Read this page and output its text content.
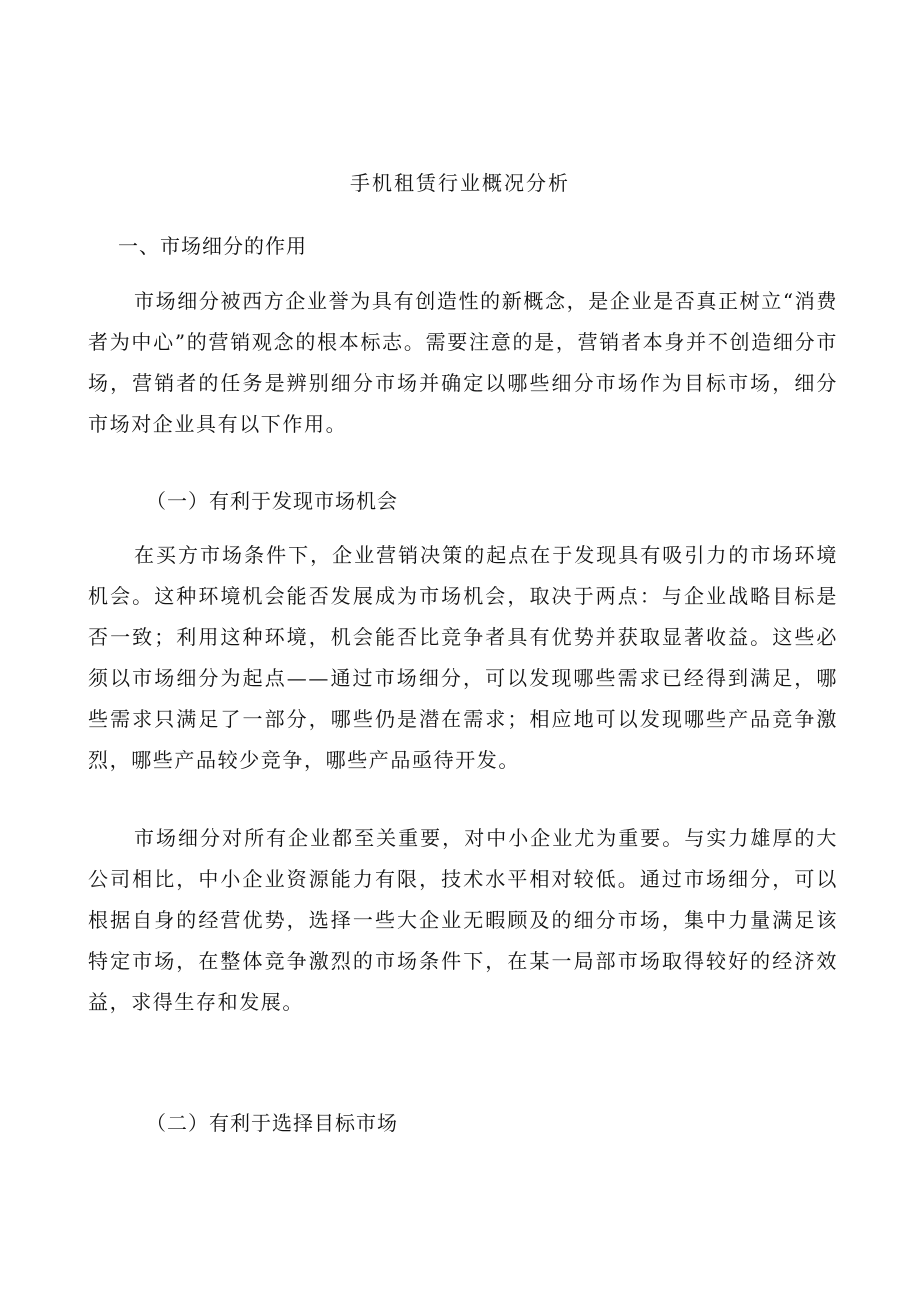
手机租赁行业概况分析
一、市场细分的作用

市场细分被西方企业誉为具有创造性的新概念，是企业是否真正树立“消费者为中心”的营销观念的根本标志。需要注意的是，营销者本身并不创造细分市场，营销者的任务是辨别细分市场并确定以哪些细分市场作为目标市场，细分市场对企业具有以下作用。

（一）有利于发现市场机会

在买方市场条件下，企业营销决策的起点在于发现具有吸引力的市场环境机会。这种环境机会能否发展成为市场机会，取决于两点：与企业战略目标是否一致；利用这种环境，机会能否比竞争者具有优势并获取显著收益。这些必须以市场细分为起点——通过市场细分，可以发现哪些需求已经得到满足，哪些需求只满足了一部分，哪些仍是潜在需求；相应地可以发现哪些产品竞争激烈，哪些产品较少竞争，哪些产品亟待开发。

市场细分对所有企业都至关重要，对中小企业尤为重要。与实力雄厚的大公司相比，中小企业资源能力有限，技术水平相对较低。通过市场细分，可以根据自身的经营优势，选择一些大企业无暇顾及的细分市场，集中力量满足该特定市场，在整体竞争激烈的市场条件下，在某一局部市场取得较好的经济效益，求得生存和发展。

（二）有利于选择目标市场
